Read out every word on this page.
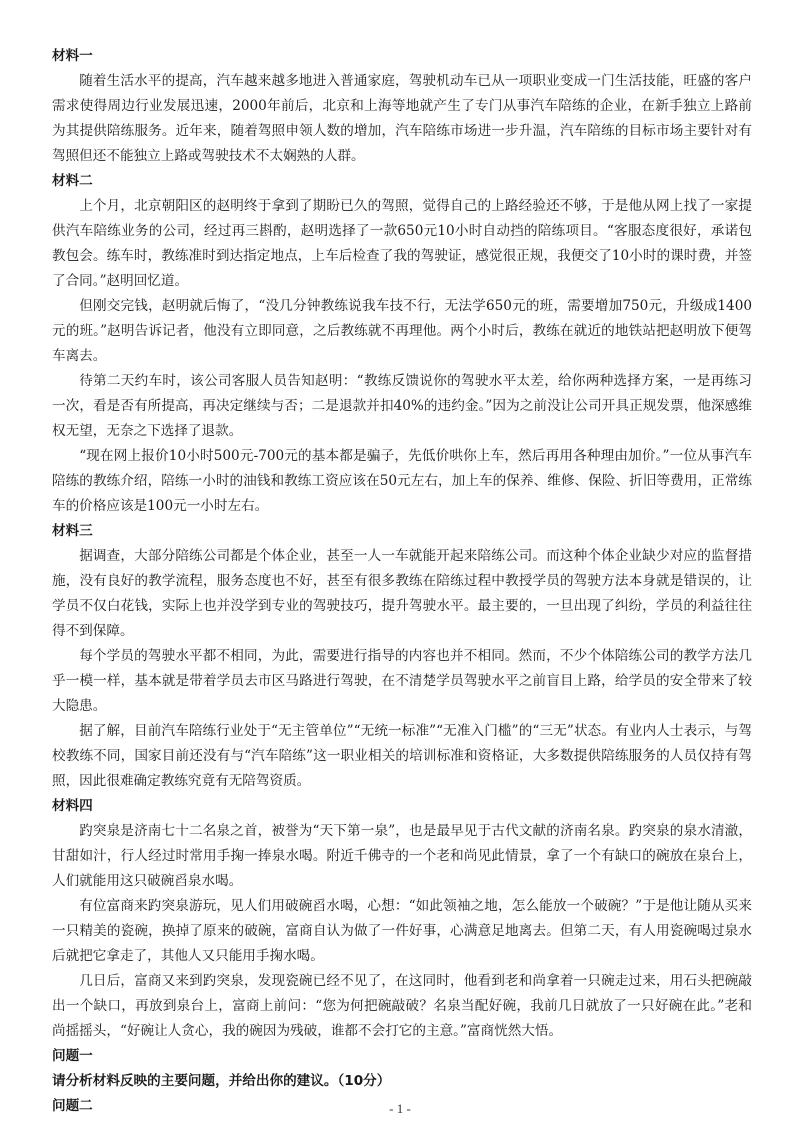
材料一

随着生活水平的提高，汽车越来越多地进入普通家庭，驾驶机动车已从一项职业变成一门生活技能，旺盛的客户需求使得周边行业发展迅速，2000年前后，北京和上海等地就产生了专门从事汽车陪练的企业，在新手独立上路前为其提供陪练服务。近年来，随着驾照申领人数的增加，汽车陪练市场进一步升温，汽车陪练的目标市场主要针对有驾照但还不能独立上路或驾驶技术不太娴熟的人群。

材料二

上个月，北京朝阳区的赵明终于拿到了期盼已久的驾照，觉得自己的上路经验还不够，于是他从网上找了一家提供汽车陪练业务的公司，经过再三斟酌，赵明选择了一款650元10小时自动挡的陪练项目。“客服态度很好，承诺包教包会。练车时，教练准时到达指定地点，上车后检查了我的驾驶证，感觉很正规，我便交了10小时的课时费，并签了合同。”赵明回忆道。

但刚交完钱，赵明就后悔了，“没几分钟教练说我车技不行，无法学650元的班，需要增加750元，升级成1400元的班。”赵明告诉记者，他没有立即同意，之后教练就不再理他。两个小时后，教练在就近的地铁站把赵明放下便驾车离去。

待第二天约车时，该公司客服人员告知赵明：“教练反馈说你的驾驶水平太差，给你两种选择方案，一是再练习一次，看是否有所提高，再决定继续与否；二是退款并扣40%的违约金。”因为之前没让公司开具正规发票，他深感维权无望，无奈之下选择了退款。

“现在网上报价10小时500元-700元的基本都是骗子，先低价哄你上车，然后再用各种理由加价。”一位从事汽车陪练的教练介绍，陪练一小时的油钱和教练工资应该在50元左右，加上车的保养、维修、保险、折旧等费用，正常练车的价格应该是100元一小时左右。

材料三

据调查，大部分陪练公司都是个体企业，甚至一人一车就能开起来陪练公司。而这种个体企业缺少对应的监督措施，没有良好的教学流程，服务态度也不好，甚至有很多教练在陪练过程中教授学员的驾驶方法本身就是错误的，让学员不仅白花钱，实际上也并没学到专业的驾驶技巧，提升驾驶水平。最主要的，一旦出现了纠纷，学员的利益往往得不到保障。

每个学员的驾驶水平都不相同，为此，需要进行指导的内容也并不相同。然而，不少个体陪练公司的教学方法几乎一模一样，基本就是带着学员去市区马路进行驾驶，在不清楚学员驾驶水平之前盲目上路，给学员的安全带来了较大隐患。

据了解，目前汽车陪练行业处于“无主管单位”“无统一标准”“无准入门槛”的“三无”状态。有业内人士表示，与驾校教练不同，国家目前还没有与“汽车陪练”这一职业相关的培训标准和资格证，大多数提供陪练服务的人员仅持有驾照，因此很难确定教练究竟有无陪驾资质。

材料四

趵突泉是济南七十二名泉之首，被誉为“天下第一泉”，也是最早见于古代文献的济南名泉。趵突泉的泉水清澈，甘甜如汁，行人经过时常用手掬一捧泉水喝。附近千佛寺的一个老和尚见此情景，拿了一个有缺口的碗放在泉台上，人们就能用这只破碗舀泉水喝。

有位富商来趵突泉游玩，见人们用破碗舀水喝，心想：“如此领袖之地，怎么能放一个破碗？”于是他让随从买来一只精美的瓷碗，换掉了原来的破碗，富商自认为做了一件好事，心满意足地离去。但第二天，有人用瓷碗喝过泉水后就把它拿走了，其他人又只能用手掬水喝。

几日后，富商又来到趵突泉，发现瓷碗已经不见了，在这同时，他看到老和尚拿着一只碗走过来，用石头把碗敲出一个缺口，再放到泉台上，富商上前问：“您为何把碗敲破？名泉当配好碗，我前几日就放了一只好碗在此。”老和尚摇摇头，“好碗让人贪心，我的碗因为残破，谁都不会打它的主意。”富商恍然大悟。

问题一

请分析材料反映的主要问题，并给出你的建议。（10分）

问题二	- 1 -
